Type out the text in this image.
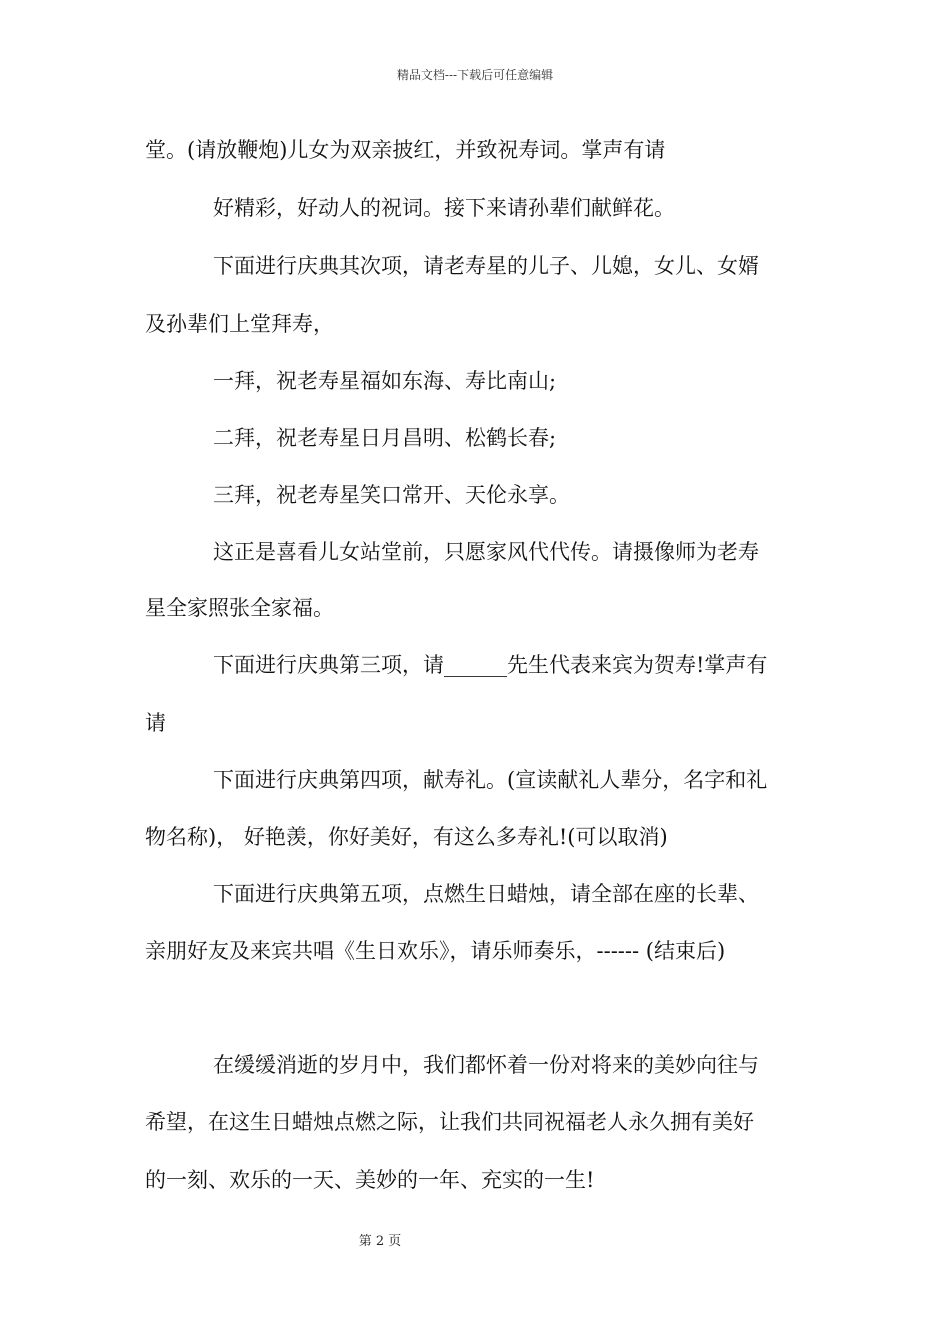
精品文档---下载后可任意编辑
堂。(请放鞭炮)儿女为双亲披红，并致祝寿词。掌声有请
好精彩，好动人的祝词。接下来请孙辈们献鲜花。
下面进行庆典其次项，请老寿星的儿子、儿媳，女儿、女婿
及孙辈们上堂拜寿，
一拜，祝老寿星福如东海、寿比南山;
二拜，祝老寿星日月昌明、松鹤长春;
三拜，祝老寿星笑口常开、天伦永享。
这正是喜看儿女站堂前，只愿家风代代传。请摄像师为老寿
星全家照张全家福。
下面进行庆典第三项，请______先生代表来宾为贺寿!掌声有
请
下面进行庆典第四项，献寿礼。(宣读献礼人辈分，名字和礼
物名称)， 好艳羡，你好美好，有这么多寿礼!(可以取消)
下面进行庆典第五项，点燃生日蜡烛，请全部在座的长辈、
亲朋好友及来宾共唱《生日欢乐》，请乐师奏乐，------ (结束后)
在缓缓消逝的岁月中，我们都怀着一份对将来的美妙向往与
希望，在这生日蜡烛点燃之际，让我们共同祝福老人永久拥有美好
的一刻、欢乐的一天、美妙的一年、充实的一生!
第 2 页
